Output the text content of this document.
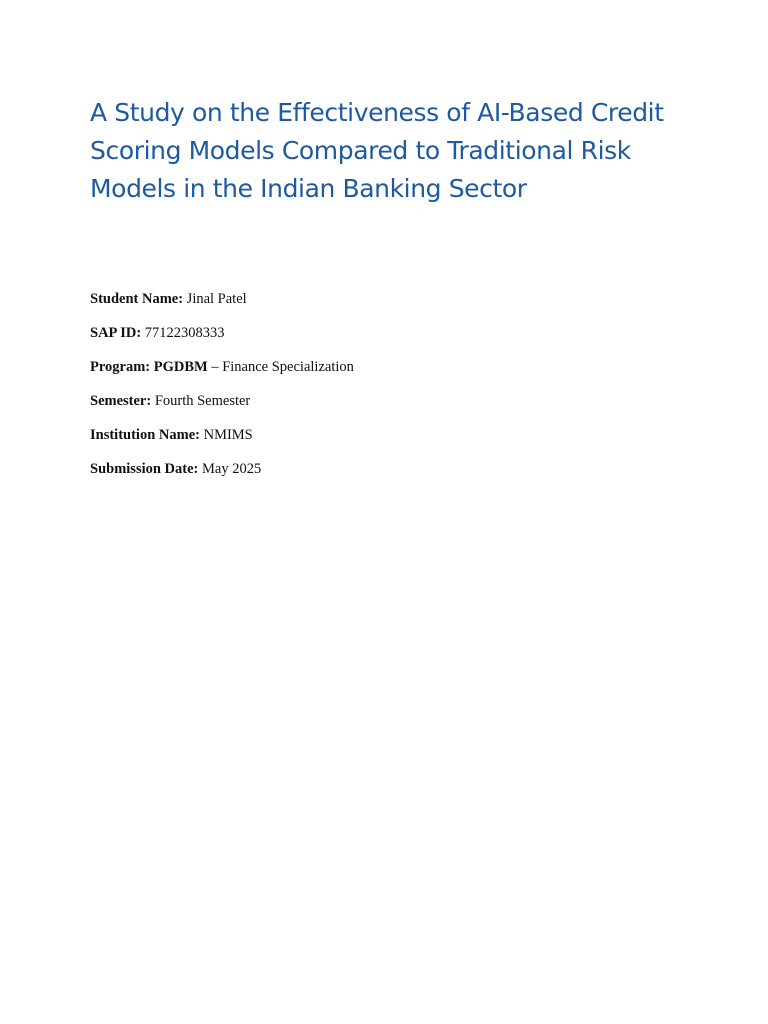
A Study on the Effectiveness of AI-Based Credit Scoring Models Compared to Traditional Risk Models in the Indian Banking Sector

Student Name: Jinal Patel

SAP ID: 77122308333

Program: PGDBM – Finance Specialization

Semester: Fourth Semester

Institution Name: NMIMS

Submission Date: May 2025
